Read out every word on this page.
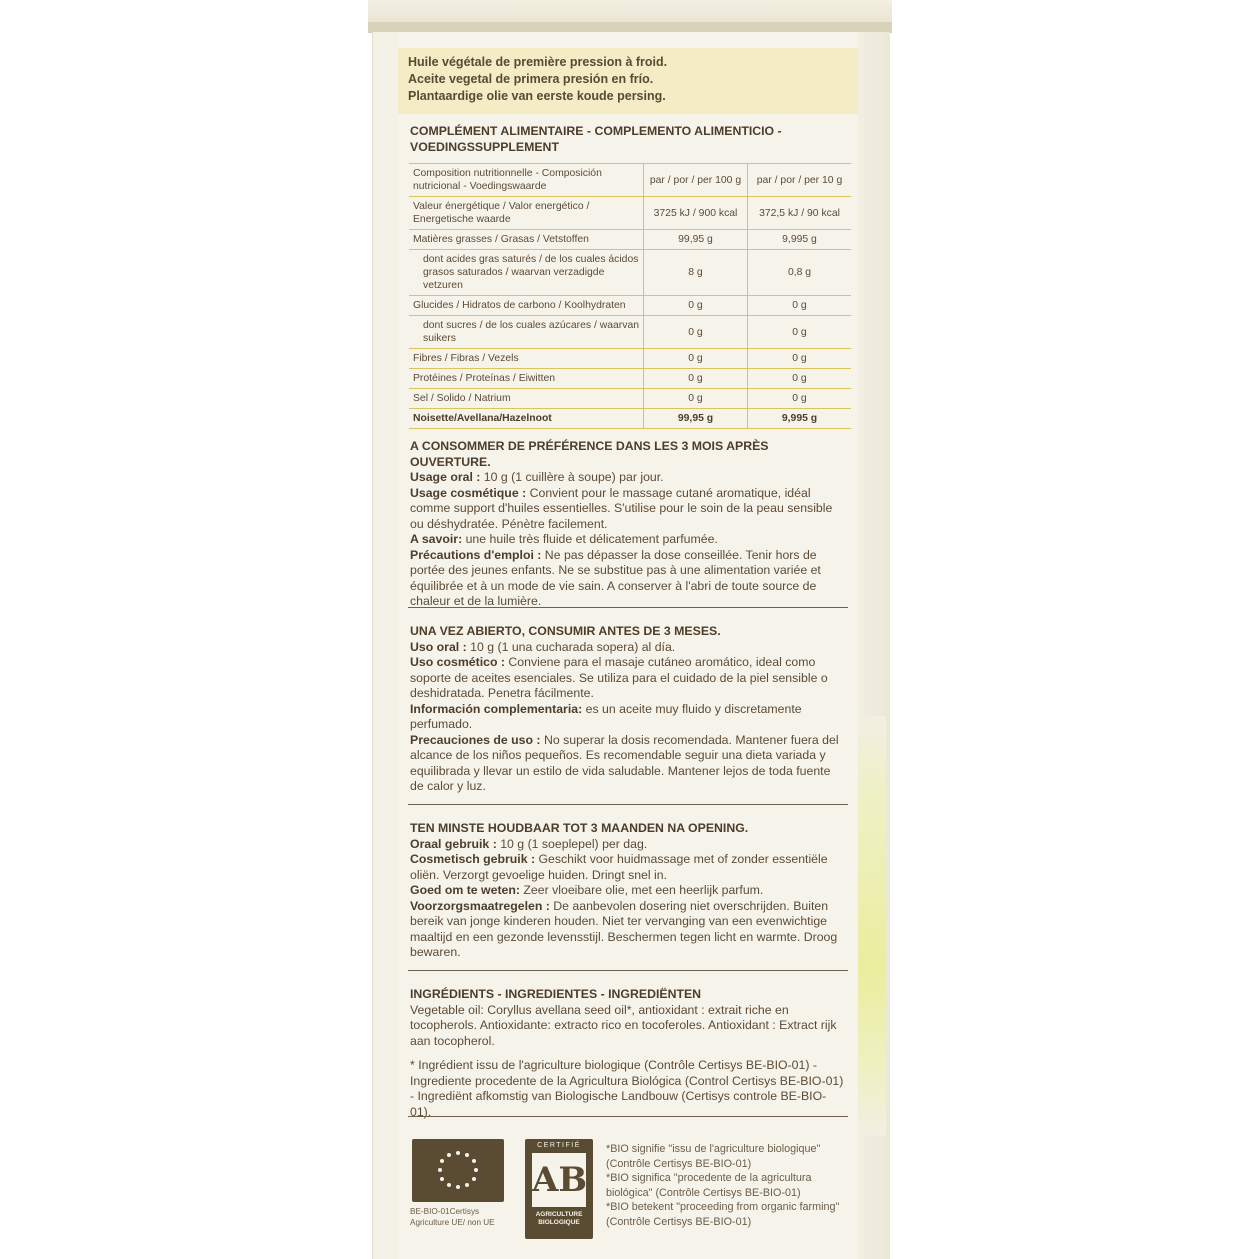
Huile végétale de première pression à froid.

Aceite vegetal de primera presión en frío.

Plantaardige olie van eerste koude persing.

COMPLÉMENT ALIMENTAIRE - COMPLEMENTO ALIMENTICIO -

VOEDINGSSUPPLEMENT

Composition nutritionnelle - Composición nutricional - Voedingswaarde	par / por / per 100 g	par / por / per 10 g
Valeur énergétique / Valor energético / Energetische waarde	3725 kJ / 900 kcal	372,5 kJ / 90 kcal
Matières grasses / Grasas / Vetstoffen	99,95 g	9,995 g
dont acides gras saturés / de los cuales ácidos grasos saturados / waarvan verzadigde vetzuren	8 g	0,8 g
Glucides / Hidratos de carbono / Koolhydraten	0 g	0 g
dont sucres / de los cuales azúcares / waarvan suikers	0 g	0 g
Fibres / Fibras / Vezels	0 g	0 g
Protéines / Proteínas / Eiwitten	0 g	0 g
Sel / Solido / Natrium	0 g	0 g
Noisette/Avellana/Hazelnoot	99,95 g	9,995 g

A CONSOMMER DE PRÉFÉRENCE DANS LES 3 MOIS APRÈS OUVERTURE.

Usage oral : 10 g (1 cuillère à soupe) par jour.

Usage cosmétique : Convient pour le massage cutané aromatique, idéal comme support d'huiles essentielles. S'utilise pour le soin de la peau sensible ou déshydratée. Pénètre facilement.

A savoir: une huile très fluide et délicatement parfumée.

Précautions d'emploi : Ne pas dépasser la dose conseillée. Tenir hors de portée des jeunes enfants. Ne se substitue pas à une alimentation variée et équilibrée et à un mode de vie sain. A conserver à l'abri de toute source de chaleur et de la lumière.

UNA VEZ ABIERTO, CONSUMIR ANTES DE 3 MESES.

Uso oral : 10 g (1 una cucharada sopera) al día.

Uso cosmético : Conviene para el masaje cutáneo aromático, ideal como soporte de aceites esenciales. Se utiliza para el cuidado de la piel sensible o deshidratada. Penetra fácilmente.

Información complementaria: es un aceite muy fluido y discretamente perfumado.

Precauciones de uso : No superar la dosis recomendada. Mantener fuera del alcance de los niños pequeños. Es recomendable seguir una dieta variada y equilibrada y llevar un estilo de vida saludable. Mantener lejos de toda fuente de calor y luz.

TEN MINSTE HOUDBAAR TOT 3 MAANDEN NA OPENING.

Oraal gebruik : 10 g (1 soeplepel) per dag.

Cosmetisch gebruik : Geschikt voor huidmassage met of zonder essentiële oliën. Verzorgt gevoelige huiden. Dringt snel in.

Goed om te weten: Zeer vloeibare olie, met een heerlijk parfum.

Voorzorgsmaatregelen : De aanbevolen dosering niet overschrijden. Buiten bereik van jonge kinderen houden. Niet ter vervanging van een evenwichtige maaltijd en een gezonde levensstijl. Beschermen tegen licht en warmte. Droog bewaren.

INGRÉDIENTS - INGREDIENTES - INGREDIËNTEN

Vegetable oil: Coryllus avellana seed oil*, antioxidant : extrait riche en tocopherols. Antioxidante: extracto rico en tocoferoles. Antioxidant : Extract rijk aan tocopherol.

* Ingrédient issu de l'agriculture biologique (Contrôle Certisys BE-BIO-01) - Ingrediente procedente de la Agricultura Biológica (Control Certisys BE-BIO-01) - Ingrediënt afkomstig van Biologische Landbouw (Certisys controle BE-BIO-01).

BE-BIO-01Certisys Agriculture UE/ non UE
CERTIFIÉ
AB
AGRICULTURE
BIOLOGIQUE
*BIO signifie "issu de l'agriculture biologique" (Contrôle Certisys BE-BIO-01)
*BIO significa "procedente de la agricultura biológica" (Contrôle Certisys BE-BIO-01)
*BIO betekent "proceeding from organic farming" (Contrôle Certisys BE-BIO-01)
